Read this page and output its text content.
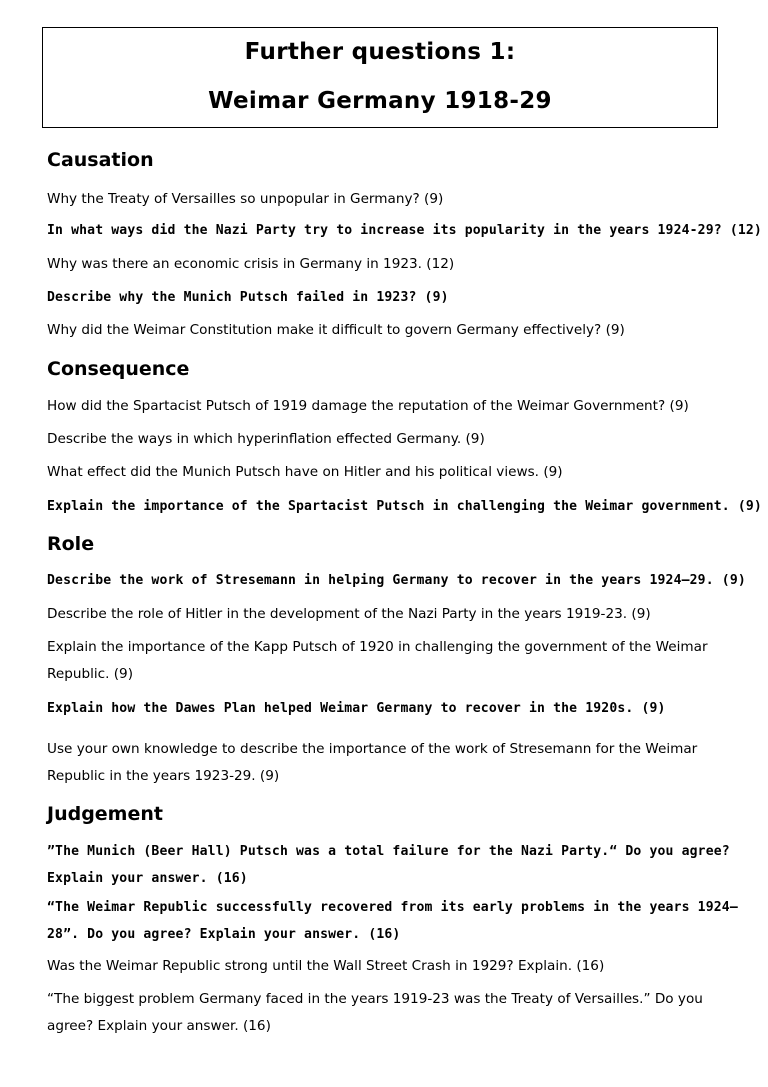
Further questions 1:
Weimar Germany 1918-29
Causation
Why the Treaty of Versailles so unpopular in Germany? (9)
In what ways did the Nazi Party try to increase its popularity in the years 1924-29? (12)
Why was there an economic crisis in Germany in 1923. (12)
Describe why the Munich Putsch failed in 1923? (9)
Why did the Weimar Constitution make it difficult to govern Germany effectively? (9)
Consequence
How did the Spartacist Putsch of 1919 damage the reputation of the Weimar Government? (9)
Describe the ways in which hyperinflation effected Germany. (9)
What effect did the Munich Putsch have on Hitler and his political views. (9)
Explain the importance of the Spartacist Putsch in challenging the Weimar government. (9)
Role
Describe the work of Stresemann in helping Germany to recover in the years 1924–29. (9)
Describe the role of Hitler in the development of the Nazi Party in the years 1919-23. (9)
Explain the importance of the Kapp Putsch of 1920 in challenging the government of the Weimar Republic. (9)
Explain how the Dawes Plan helped Weimar Germany to recover in the 1920s. (9)
Use your own knowledge to describe the importance of the work of Stresemann for the Weimar Republic in the years 1923-29. (9)
Judgement
”The Munich (Beer Hall) Putsch was a total failure for the Nazi Party.“ Do you agree? Explain your answer. (16)
“The Weimar Republic successfully recovered from its early problems in the years 1924–28”. Do you agree? Explain your answer. (16)
Was the Weimar Republic strong until the Wall Street Crash in 1929? Explain. (16)
“The biggest problem Germany faced in the years 1919-23 was the Treaty of Versailles.” Do you agree? Explain your answer. (16)
